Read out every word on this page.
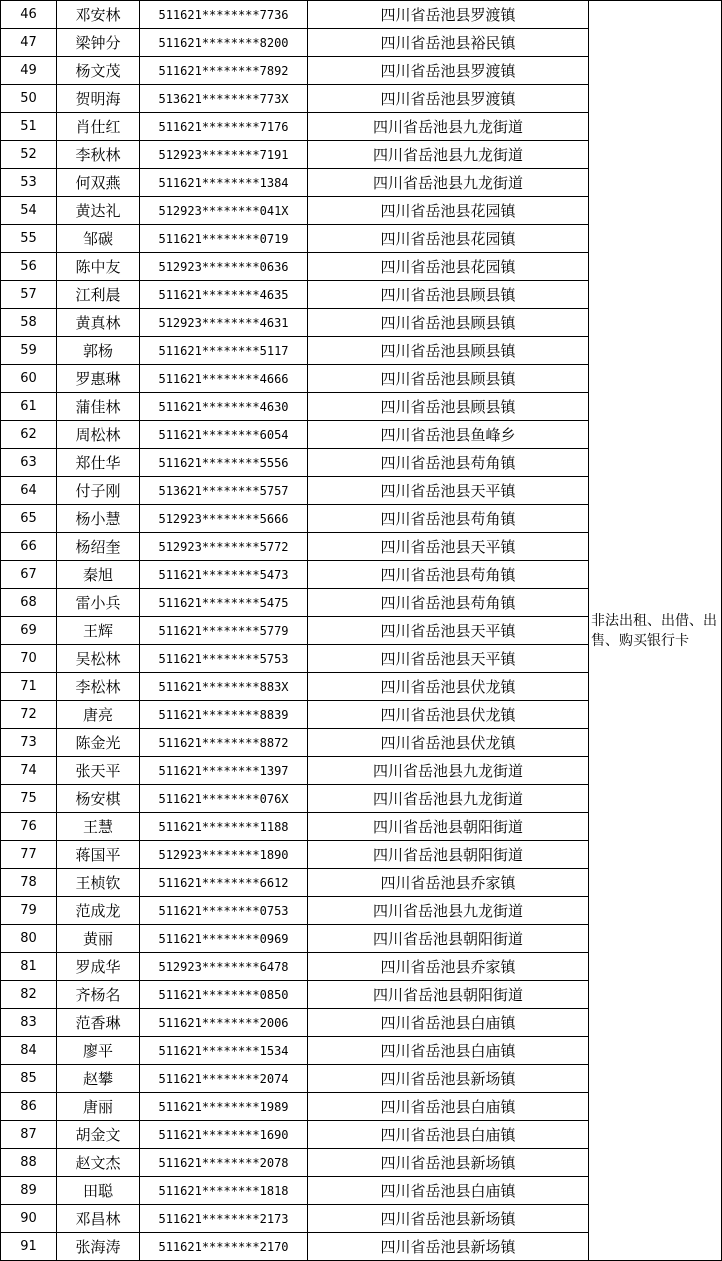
46	邓安林	511621********7736	四川省岳池县罗渡镇	非法出租、出借、出售、购买银行卡
47	梁钟分	511621********8200	四川省岳池县裕民镇	
49	杨文茂	511621********7892	四川省岳池县罗渡镇	
50	贺明海	513621********773X	四川省岳池县罗渡镇	
51	肖仕红	511621********7176	四川省岳池县九龙街道	
52	李秋林	512923********7191	四川省岳池县九龙街道	
53	何双燕	511621********1384	四川省岳池县九龙街道	
54	黄达礼	512923********041X	四川省岳池县花园镇	
55	邹碳	511621********0719	四川省岳池县花园镇	
56	陈中友	512923********0636	四川省岳池县花园镇	
57	江利晨	511621********4635	四川省岳池县顾县镇	
58	黄真林	512923********4631	四川省岳池县顾县镇	
59	郭杨	511621********5117	四川省岳池县顾县镇	
60	罗惠琳	511621********4666	四川省岳池县顾县镇	
61	蒲佳林	511621********4630	四川省岳池县顾县镇	
62	周松林	511621********6054	四川省岳池县鱼峰乡	
63	郑仕华	511621********5556	四川省岳池县苟角镇	
64	付子刚	513621********5757	四川省岳池县天平镇	
65	杨小慧	512923********5666	四川省岳池县苟角镇	
66	杨绍奎	512923********5772	四川省岳池县天平镇	
67	秦旭	511621********5473	四川省岳池县苟角镇	
68	雷小兵	511621********5475	四川省岳池县苟角镇	
69	王辉	511621********5779	四川省岳池县天平镇	
70	吴松林	511621********5753	四川省岳池县天平镇	
71	李松林	511621********883X	四川省岳池县伏龙镇	
72	唐亮	511621********8839	四川省岳池县伏龙镇	
73	陈金光	511621********8872	四川省岳池县伏龙镇	
74	张天平	511621********1397	四川省岳池县九龙街道	
75	杨安棋	511621********076X	四川省岳池县九龙街道	
76	王慧	511621********1188	四川省岳池县朝阳街道	
77	蒋国平	512923********1890	四川省岳池县朝阳街道	
78	王桢钦	511621********6612	四川省岳池县乔家镇	
79	范成龙	511621********0753	四川省岳池县九龙街道	
80	黄丽	511621********0969	四川省岳池县朝阳街道	
81	罗成华	512923********6478	四川省岳池县乔家镇	
82	齐杨名	511621********0850	四川省岳池县朝阳街道	
83	范香琳	511621********2006	四川省岳池县白庙镇	
84	廖平	511621********1534	四川省岳池县白庙镇	
85	赵攀	511621********2074	四川省岳池县新场镇	
86	唐丽	511621********1989	四川省岳池县白庙镇	
87	胡金文	511621********1690	四川省岳池县白庙镇	
88	赵文杰	511621********2078	四川省岳池县新场镇	
89	田聪	511621********1818	四川省岳池县白庙镇	
90	邓昌林	511621********2173	四川省岳池县新场镇	
91	张海涛	511621********2170	四川省岳池县新场镇	
